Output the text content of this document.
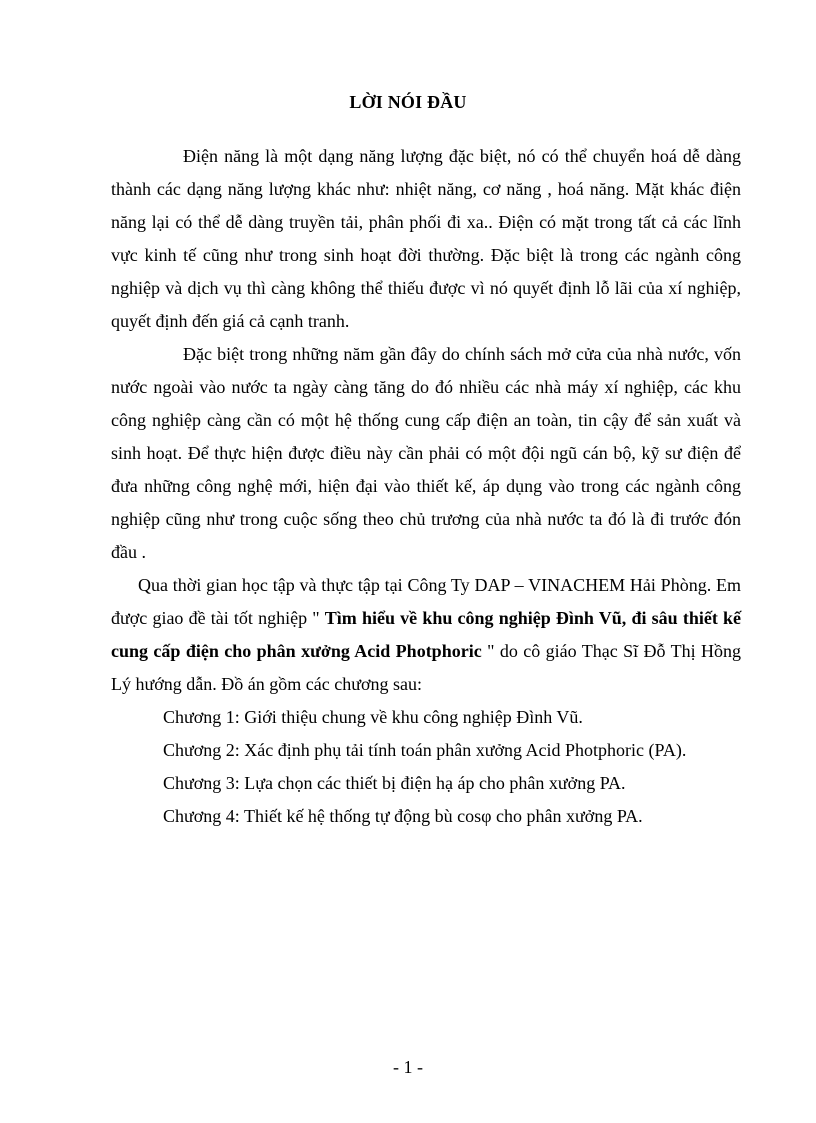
LỜI NÓI ĐẦU

Điện năng là một dạng năng lượng đặc biệt, nó có thể chuyển hoá dễ dàng thành các dạng năng lượng khác như: nhiệt năng, cơ năng , hoá năng. Mặt khác điện năng lại có thể dễ dàng truyền tải, phân phối đi xa.. Điện có mặt trong tất cả các lĩnh vực kinh tế cũng như trong sinh hoạt đời thường. Đặc biệt là trong các ngành công nghiệp và dịch vụ thì càng không thể thiếu được vì nó quyết định lỗ lãi của xí nghiệp, quyết định đến giá cả cạnh tranh.

Đặc biệt trong những năm gần đây do chính sách mở cửa của nhà nước, vốn nước ngoài vào nước ta ngày càng tăng do đó nhiều các nhà máy xí nghiệp, các khu công nghiệp càng cần có một hệ thống cung cấp điện an toàn, tin cậy để sản xuất và sinh hoạt. Để thực hiện được điều này cần phải có một đội ngũ cán bộ, kỹ sư điện để đưa những công nghệ mới, hiện đại vào thiết kế, áp dụng vào trong các ngành công nghiệp cũng như trong cuộc sống theo chủ trương của nhà nước ta đó là đi trước đón đầu .

Qua thời gian học tập và thực tập tại Công Ty DAP – VINACHEM Hải Phòng. Em được giao đề tài tốt nghiệp " Tìm hiểu về khu công nghiệp Đình Vũ, đi sâu thiết kế cung cấp điện cho phân xưởng Acid Photphoric " do cô giáo Thạc Sĩ Đỗ Thị Hồng Lý hướng dẫn. Đồ án gồm các chương sau:

Chương 1: Giới thiệu chung về khu công nghiệp Đình Vũ.

Chương 2: Xác định phụ tải tính toán phân xưởng Acid Photphoric (PA).

Chương 3: Lựa chọn các thiết bị điện hạ áp cho phân xưởng PA.

Chương 4: Thiết kế hệ thống tự động bù cosφ cho phân xưởng PA.

- 1 -
